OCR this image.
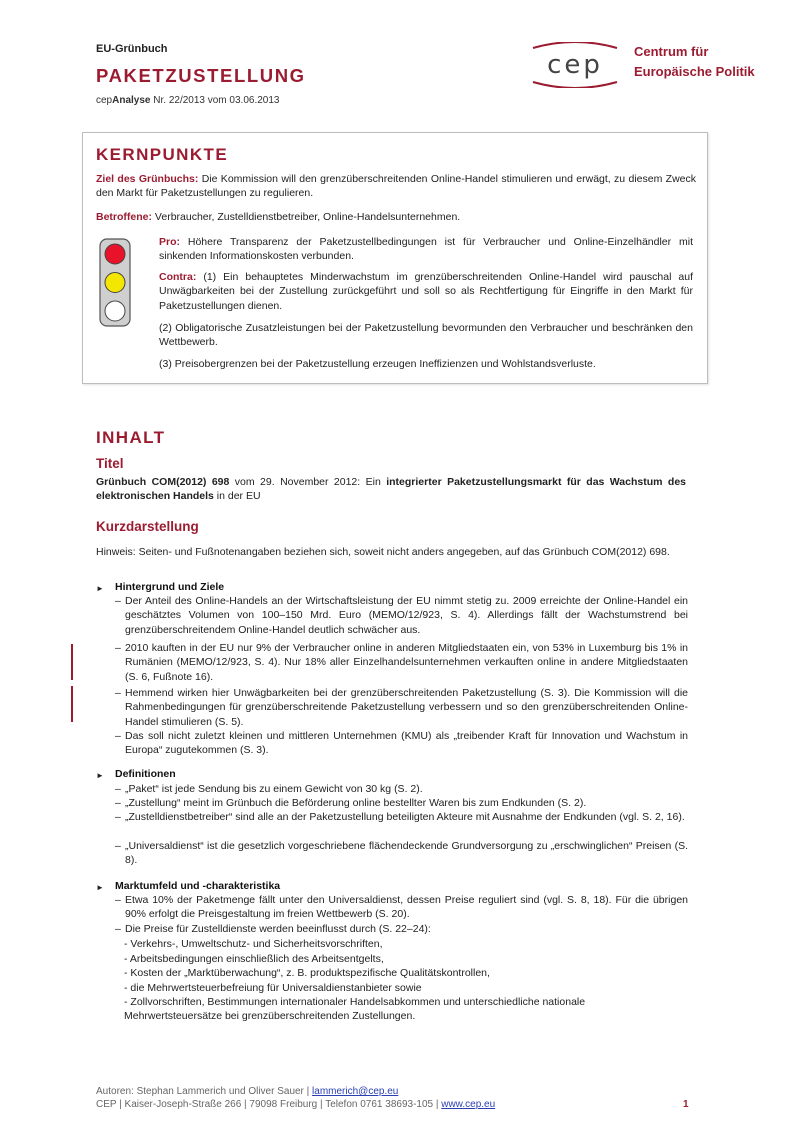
EU-Grünbuch
PAKETZUSTELLUNG
cepAnalyse Nr. 22/2013 vom 03.06.2013
cep Centrum für
Europäische Politik
KERNPUNKTE
Ziel des Grünbuchs: Die Kommission will den grenzüberschreitenden Online-Handel stimulieren und erwägt, zu diesem Zweck den Markt für Paketzustellungen zu regulieren.
Betroffene: Verbraucher, Zustelldienstbetreiber, Online-Handelsunternehmen.
Pro: Höhere Transparenz der Paketzustellbedingungen ist für Verbraucher und Online-Einzelhändler mit sinkenden Informationskosten verbunden.
Contra: (1) Ein behauptetes Minderwachstum im grenzüberschreitenden Online-Handel wird pauschal auf Unwägbarkeiten bei der Zustellung zurückgeführt und soll so als Rechtfertigung für Eingriffe in den Markt für Paketzustellungen dienen.
(2) Obligatorische Zusatzleistungen bei der Paketzustellung bevormunden den Verbraucher und beschränken den Wettbewerb.
(3) Preisobergrenzen bei der Paketzustellung erzeugen Ineffizienzen und Wohlstandsverluste.
INHALT
Titel
Grünbuch COM(2012) 698 vom 29. November 2012: Ein integrierter Paketzustellungsmarkt für das Wachstum des elektronischen Handels in der EU
Kurzdarstellung
Hinweis: Seiten- und Fußnotenangaben beziehen sich, soweit nicht anders angegeben, auf das Grünbuch COM(2012) 698.
► Hintergrund und Ziele
– Der Anteil des Online-Handels an der Wirtschaftsleistung der EU nimmt stetig zu. 2009 erreichte der Online-Handel ein geschätztes Volumen von 100–150 Mrd. Euro (MEMO/12/923, S. 4). Allerdings fällt der Wachstumstrend bei grenzüberschreitendem Online-Handel deutlich schwächer aus.
– 2010 kauften in der EU nur 9% der Verbraucher online in anderen Mitgliedstaaten ein, von 53% in Luxemburg bis 1% in Rumänien (MEMO/12/923, S. 4). Nur 18% aller Einzelhandelsunternehmen verkauften online in andere Mitgliedstaaten (S. 6, Fußnote 16).
– Hemmend wirken hier Unwägbarkeiten bei der grenzüberschreitenden Paketzustellung (S. 3). Die Kommission will die Rahmenbedingungen für grenzüberschreitende Paketzustellung verbessern und so den grenzüberschreitenden Online-Handel stimulieren (S. 5).
– Das soll nicht zuletzt kleinen und mittleren Unternehmen (KMU) als „treibender Kraft für Innovation und Wachstum in Europa“ zugutekommen (S. 3).
► Definitionen
– „Paket“ ist jede Sendung bis zu einem Gewicht von 30 kg (S. 2).
– „Zustellung“ meint im Grünbuch die Beförderung online bestellter Waren bis zum Endkunden (S. 2).
– „Zustelldienstbetreiber“ sind alle an der Paketzustellung beteiligten Akteure mit Ausnahme der Endkunden (vgl. S. 2, 16).
– „Universaldienst“ ist die gesetzlich vorgeschriebene flächendeckende Grundversorgung zu „erschwinglichen“ Preisen (S. 8).
► Marktumfeld und -charakteristika
– Etwa 10% der Paketmenge fällt unter den Universaldienst, dessen Preise reguliert sind (vgl. S. 8, 18). Für die übrigen 90% erfolgt die Preisgestaltung im freien Wettbewerb (S. 20).
– Die Preise für Zustelldienste werden beeinflusst durch (S. 22–24):
- Verkehrs-, Umweltschutz- und Sicherheitsvorschriften,
- Arbeitsbedingungen einschließlich des Arbeitsentgelts,
- Kosten der „Marktüberwachung“, z. B. produktspezifische Qualitätskontrollen,
- die Mehrwertsteuerbefreiung für Universaldienstanbieter sowie
- Zollvorschriften, Bestimmungen internationaler Handelsabkommen und unterschiedliche nationale Mehrwertsteuersätze bei grenzüberschreitenden Zustellungen.
Autoren: Stephan Lammerich und Oliver Sauer | lammerich@cep.eu
CEP | Kaiser-Joseph-Straße 266 | 79098 Freiburg | Telefon 0761 38693-105 | www.cep.eu	1
